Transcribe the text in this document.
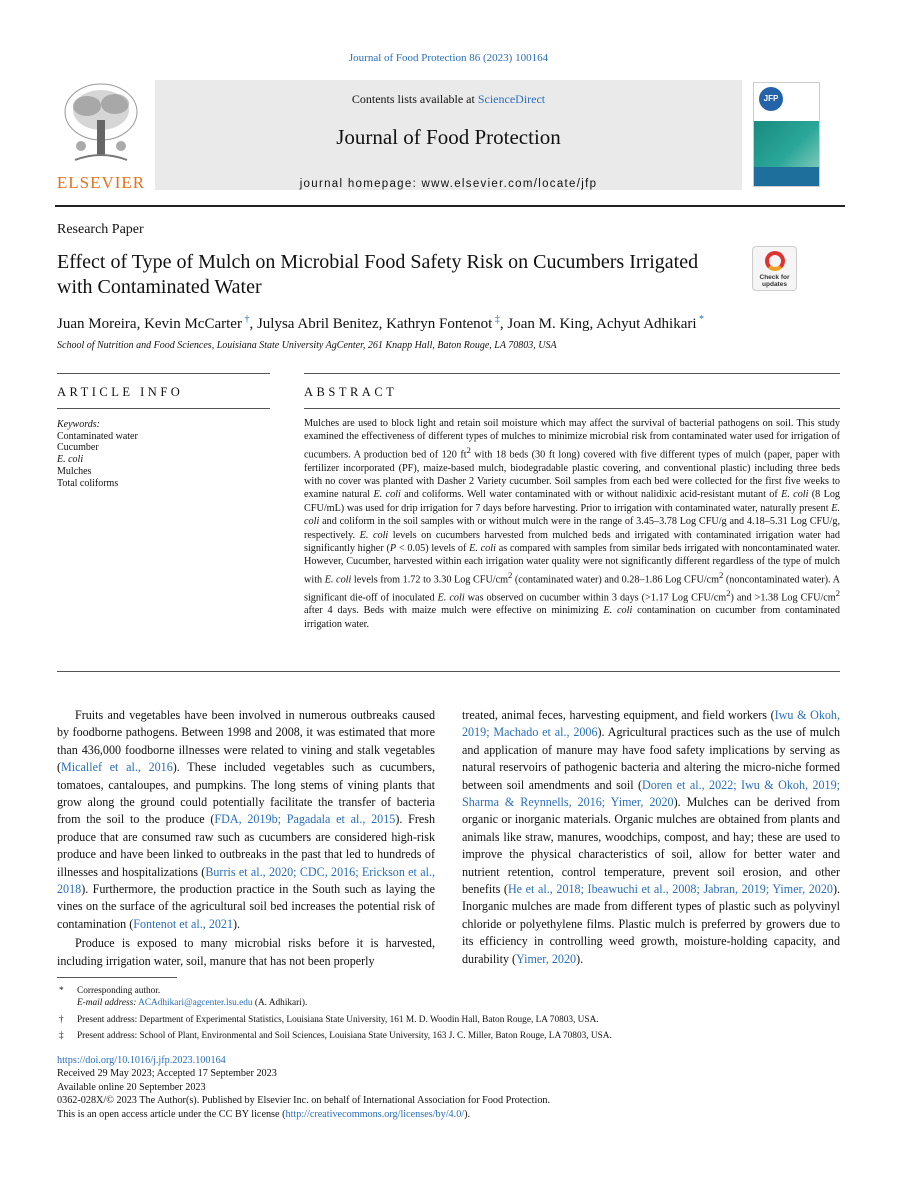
Journal of Food Protection 86 (2023) 100164
ELSEVIER
Contents lists available at ScienceDirect
Journal of Food Protection
journal homepage: www.elsevier.com/locate/jfp
JFP
Research Paper
Effect of Type of Mulch on Microbial Food Safety Risk on Cucumbers Irrigated with Contaminated Water	Check for
updates
Juan Moreira, Kevin McCarter †, Julysa Abril Benitez, Kathryn Fontenot ‡, Joan M. King, Achyut Adhikari *
School of Nutrition and Food Sciences, Louisiana State University AgCenter, 261 Knapp Hall, Baton Rouge, LA 70803, USA
ARTICLE INFO	ABSTRACT
Keywords:
Contaminated water
Cucumber
E. coli
Mulches
Total coliforms
Mulches are used to block light and retain soil moisture which may affect the survival of bacterial pathogens on soil. This study examined the effectiveness of different types of mulches to minimize microbial risk from contaminated water used for irrigation of cucumbers. A production bed of 120 $ft^2$ with 18 beds (30 ft long) covered with five different types of mulch (paper, paper with fertilizer incorporated (PF), maize-based mulch, biodegradable plastic covering, and conventional plastic) including three beds with no cover was planted with Dasher 2 Variety cucumber. Soil samples from each bed were collected for the first five weeks to examine natural E. coli and coliforms. Well water contaminated with or without nalidixic acid-resistant mutant of E. coli (8 Log CFU/mL) was used for drip irrigation for 7 days before harvesting. Prior to irrigation with contaminated water, naturally present E. coli and coliform in the soil samples with or without mulch were in the range of 3.45–3.78 Log CFU/g and 4.18–5.31 Log CFU/g, respectively. E. coli levels on cucumbers harvested from mulched beds and irrigated with contaminated irrigation water had significantly higher (P < 0.05) levels of E. coli as compared with samples from similar beds irrigated with noncontaminated water. However, Cucumber, harvested within each irrigation water quality were not significantly different regardless of the type of mulch with E. coli levels from 1.72 to 3.30 Log CFU/$cm^2$ (contaminated water) and 0.28–1.86 Log CFU/$cm^2$ (noncontaminated water). A significant die-off of inoculated E. coli was observed on cucumber within 3 days (>1.17 Log CFU/$cm^2$) and >1.38 Log CFU/$cm^2$ after 4 days. Beds with maize mulch were effective on minimizing E. coli contamination on cucumber from contaminated irrigation water.

Fruits and vegetables have been involved in numerous outbreaks caused by foodborne pathogens. Between 1998 and 2008, it was estimated that more than 436,000 foodborne illnesses were related to vining and stalk vegetables (Micallef et al., 2016). These included vegetables such as cucumbers, tomatoes, cantaloupes, and pumpkins. The long stems of vining plants that grow along the ground could potentially facilitate the transfer of bacteria from the soil to the produce (FDA, 2019b; Pagadala et al., 2015). Fresh produce that are consumed raw such as cucumbers are considered high-risk produce and have been linked to outbreaks in the past that led to hundreds of illnesses and hospitalizations (Burris et al., 2020; CDC, 2016; Erickson et al., 2018). Furthermore, the production practice in the South such as laying the vines on the surface of the agricultural soil bed increases the potential risk of contamination (Fontenot et al., 2021).

Produce is exposed to many microbial risks before it is harvested, including irrigation water, soil, manure that has not been properly

treated, animal feces, harvesting equipment, and field workers (Iwu & Okoh, 2019; Machado et al., 2006). Agricultural practices such as the use of mulch and application of manure may have food safety implications by serving as natural reservoirs of pathogenic bacteria and altering the micro-niche formed between soil amendments and soil (Doren et al., 2022; Iwu & Okoh, 2019; Sharma & Reynnells, 2016; Yimer, 2020). Mulches can be derived from organic or inorganic materials. Organic mulches are obtained from plants and animals like straw, manures, woodchips, compost, and hay; these are used to improve the physical characteristics of soil, allow for better water and nutrient retention, control temperature, prevent soil erosion, and other benefits (He et al., 2018; Ibeawuchi et al., 2008; Jabran, 2019; Yimer, 2020). Inorganic mulches are made from different types of plastic such as polyvinyl chloride or polyethylene films. Plastic mulch is preferred by growers due to its efficiency in controlling weed growth, moisture-holding capacity, and durability (Yimer, 2020).

*	Corresponding author.
E-mail address: ACAdhikari@agcenter.lsu.edu (A. Adhikari).
†	Present address: Department of Experimental Statistics, Louisiana State University, 161 M. D. Woodin Hall, Baton Rouge, LA 70803, USA.
‡	Present address: School of Plant, Environmental and Soil Sciences, Louisiana State University, 163 J. C. Miller, Baton Rouge, LA 70803, USA.
https://doi.org/10.1016/j.jfp.2023.100164
Received 29 May 2023; Accepted 17 September 2023
Available online 20 September 2023
0362-028X/© 2023 The Author(s). Published by Elsevier Inc. on behalf of International Association for Food Protection.
This is an open access article under the CC BY license (http://creativecommons.org/licenses/by/4.0/).
